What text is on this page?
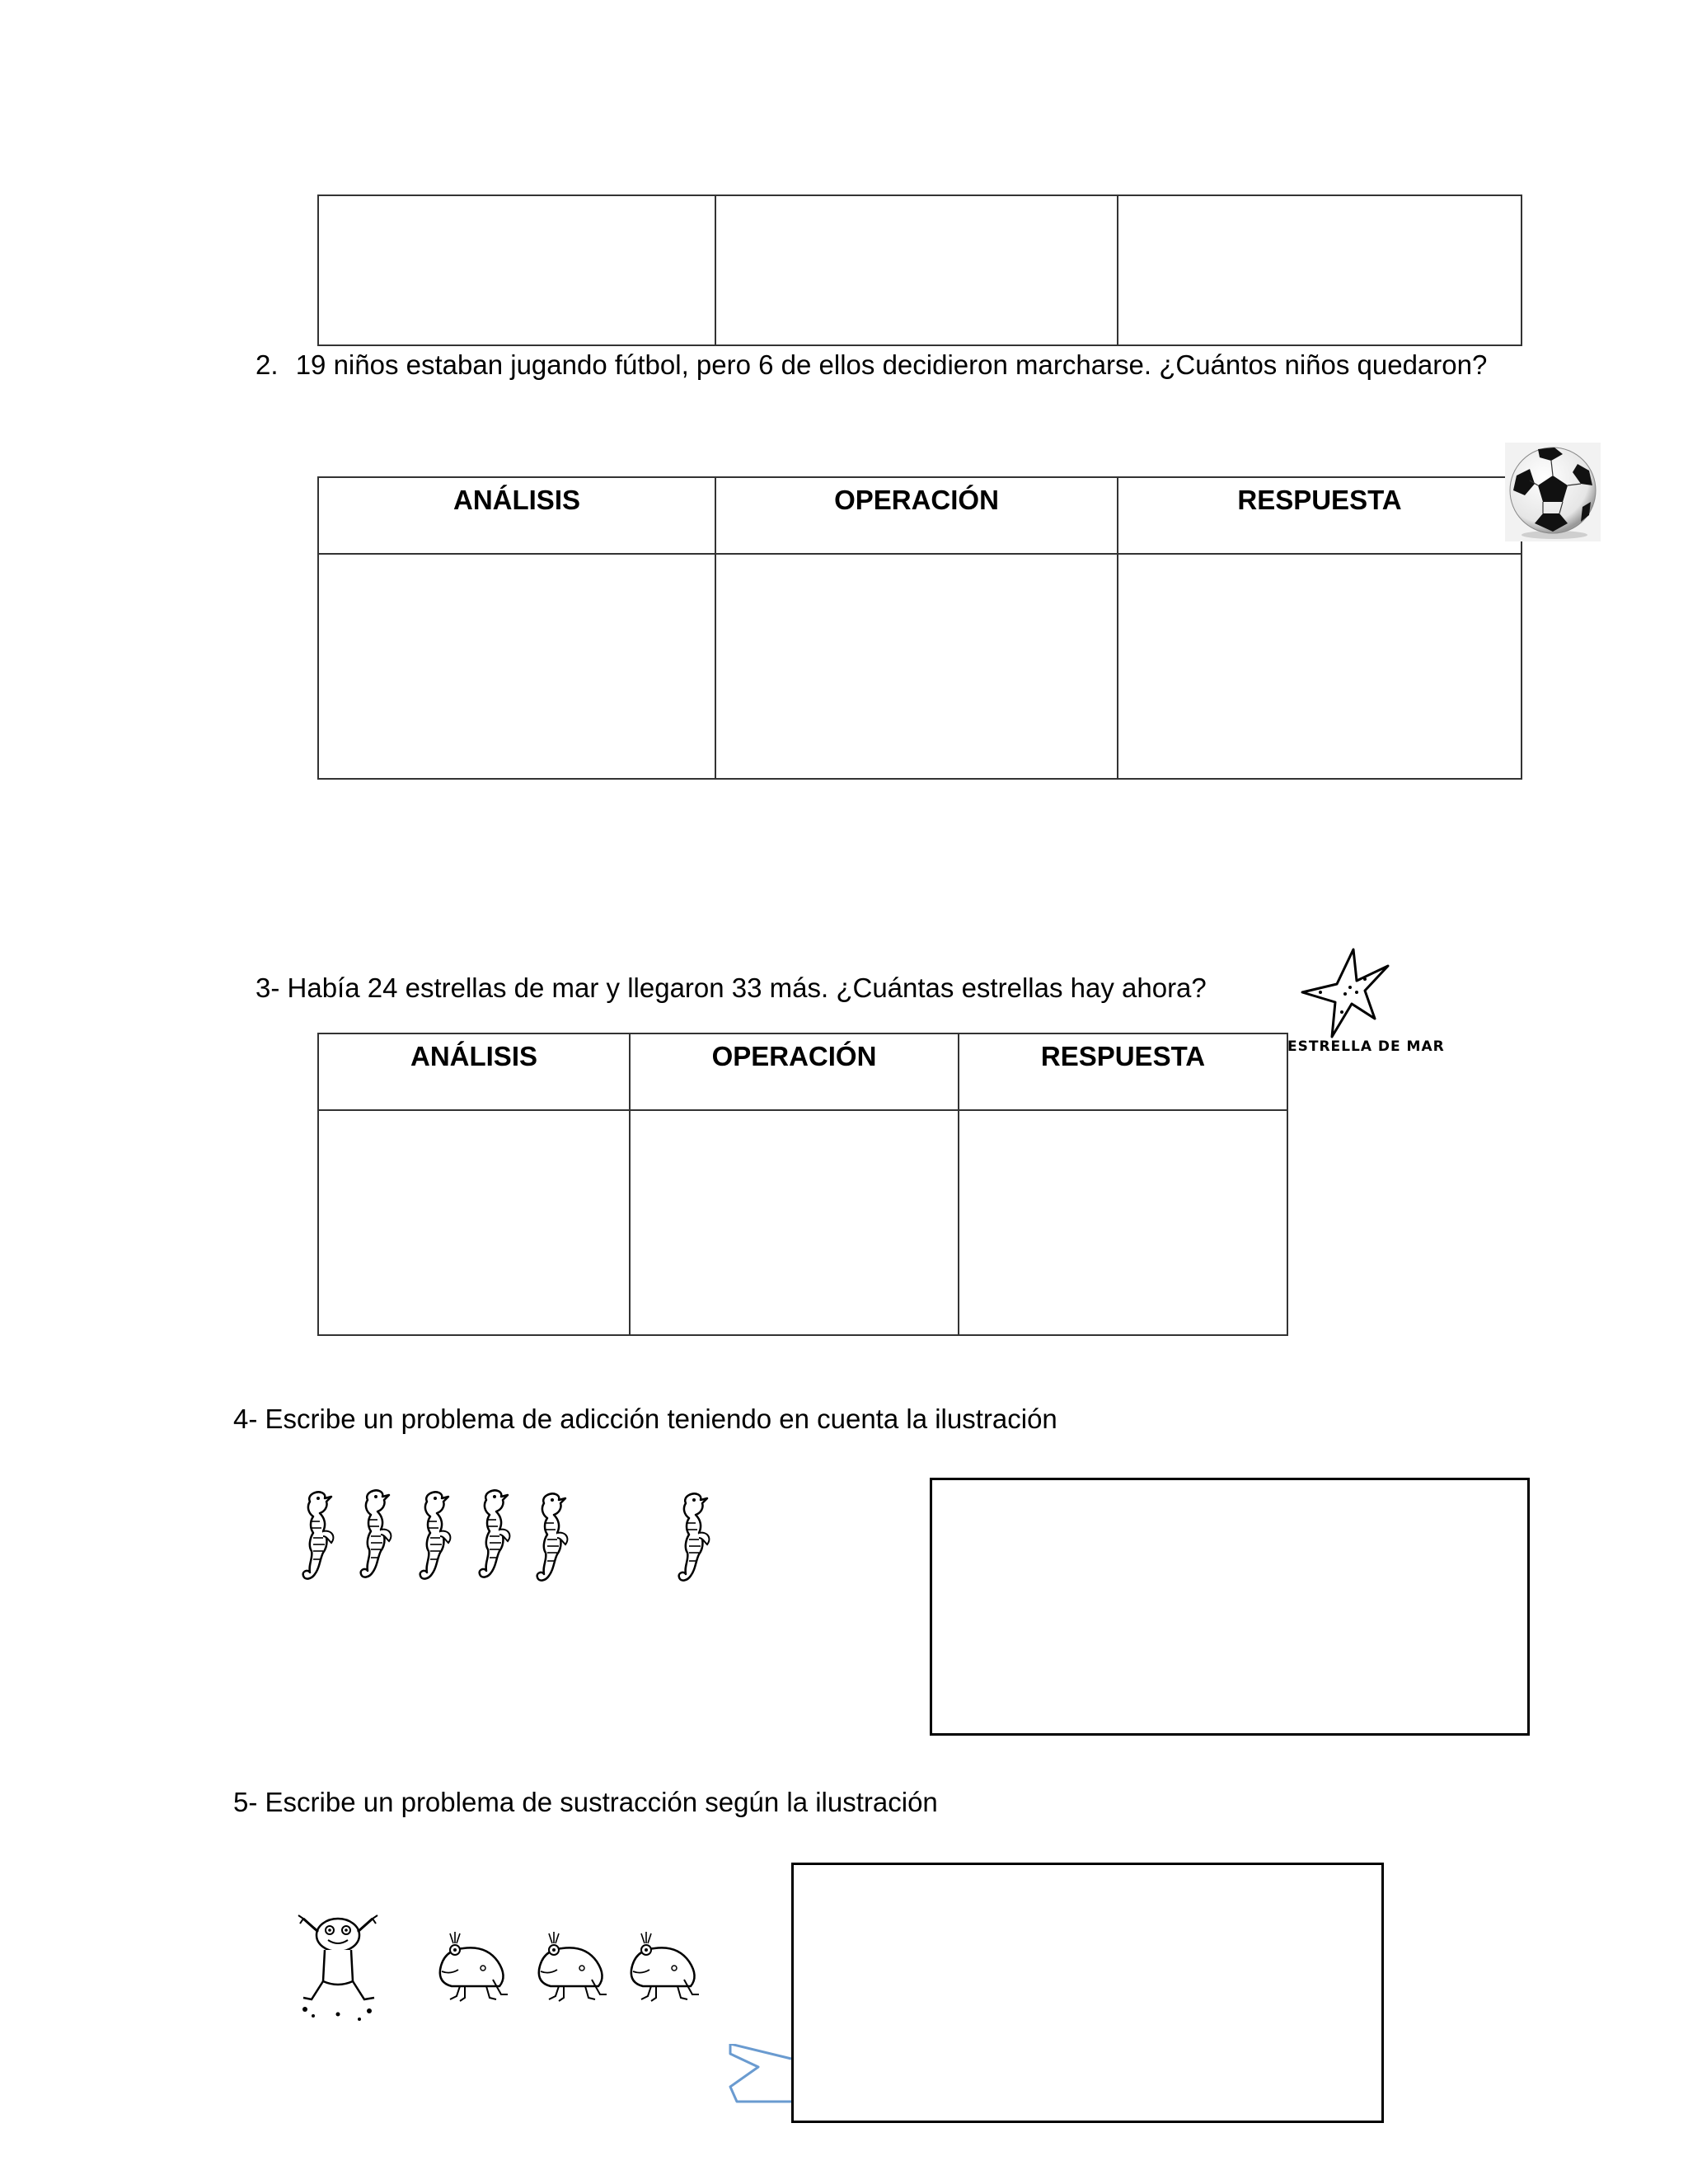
2. 19 niños estaban jugando fútbol, pero 6 de ellos decidieron marcharse. ¿Cuántos niños quedaron?
ANÁLISIS	OPERACIÓN	RESPUESTA

3- Había 24 estrellas de mar y llegaron 33 más. ¿Cuántas estrellas hay ahora?
ESTRELLA DE MAR
ANÁLISIS	OPERACIÓN	RESPUESTA

4- Escribe un problema de adicción teniendo en cuenta la ilustración
5- Escribe un problema de sustracción según la ilustración
